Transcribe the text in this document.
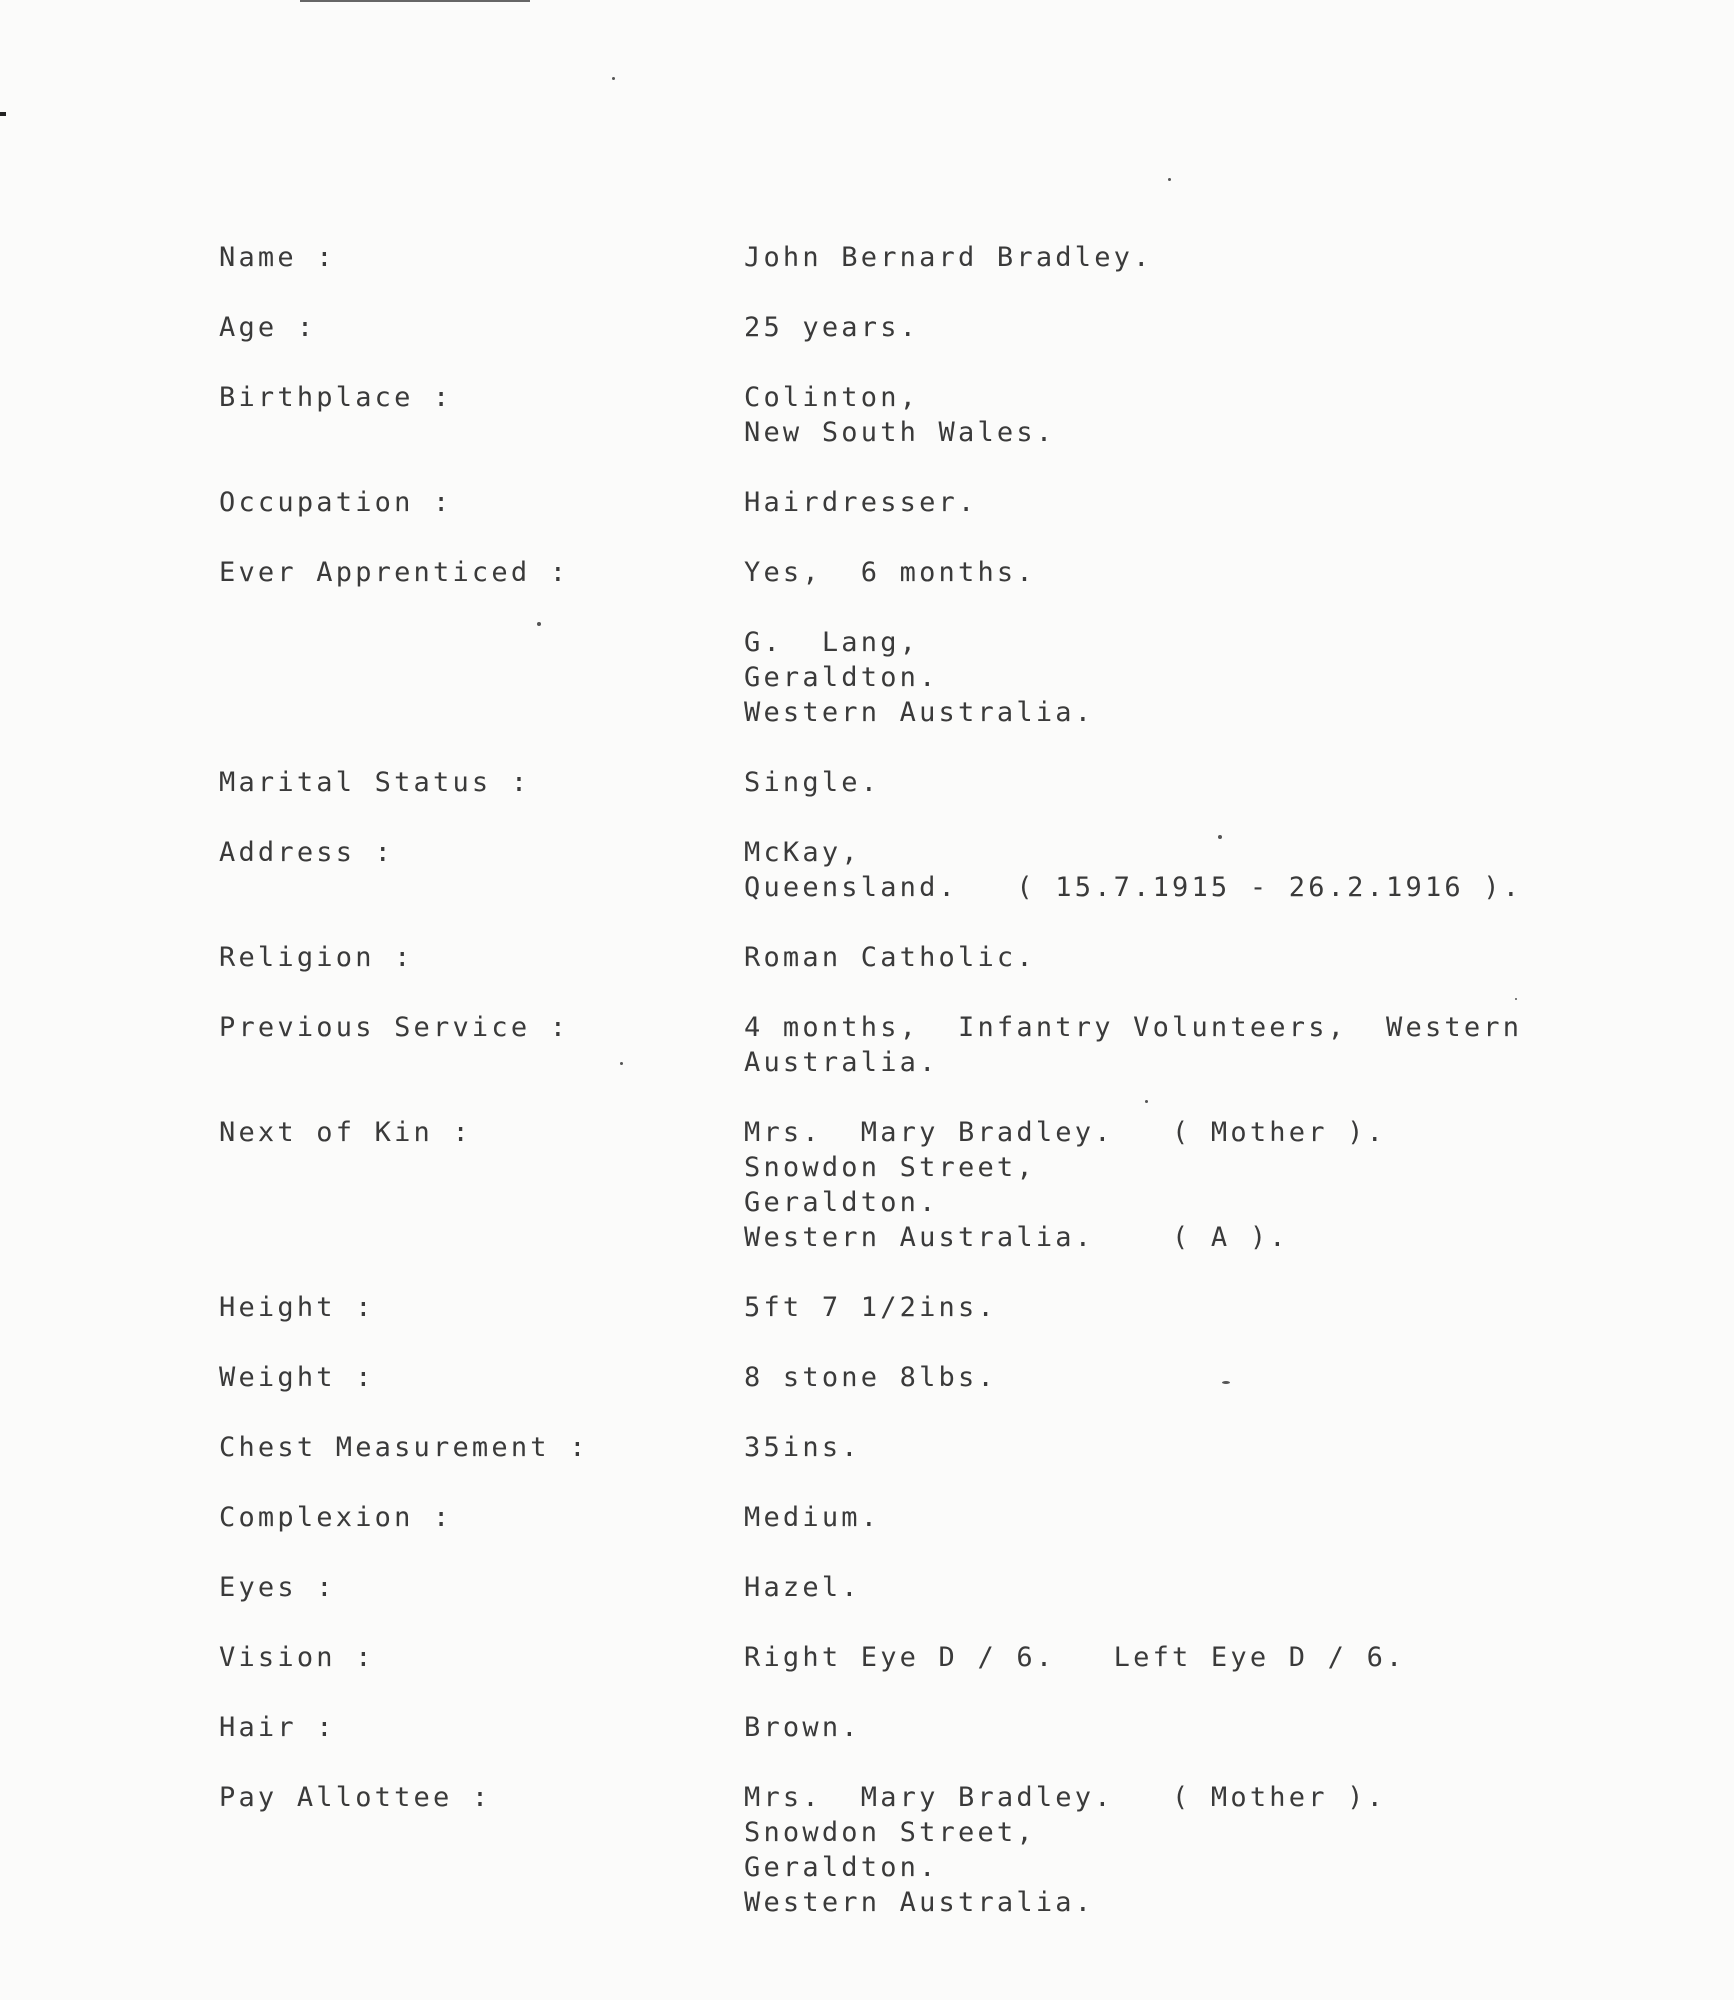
Name :	John Bernard Bradley.
Age :	25 years.
Birthplace :	Colinton,
New South Wales.
Occupation :	Hairdresser.
Ever Apprenticed :	Yes,  6 months.
G.  Lang,
Geraldton.
Western Australia.
Marital Status :	Single.
Address :	McKay,
Queensland.   ( 15.7.1915 - 26.2.1916 ).
Religion :	Roman Catholic.
Previous Service :	4 months,  Infantry Volunteers,  Western
Australia.
Next of Kin :	Mrs.  Mary Bradley.   ( Mother ).
Snowdon Street,
Geraldton.
Western Australia.    ( A ).
Height :	5ft 7 1/2ins.
Weight :	8 stone 8lbs.
Chest Measurement :	35ins.
Complexion :	Medium.
Eyes :	Hazel.
Vision :	Right Eye D / 6.   Left Eye D / 6.
Hair :	Brown.
Pay Allottee :	Mrs.  Mary Bradley.   ( Mother ).
Snowdon Street,
Geraldton.
Western Australia.
